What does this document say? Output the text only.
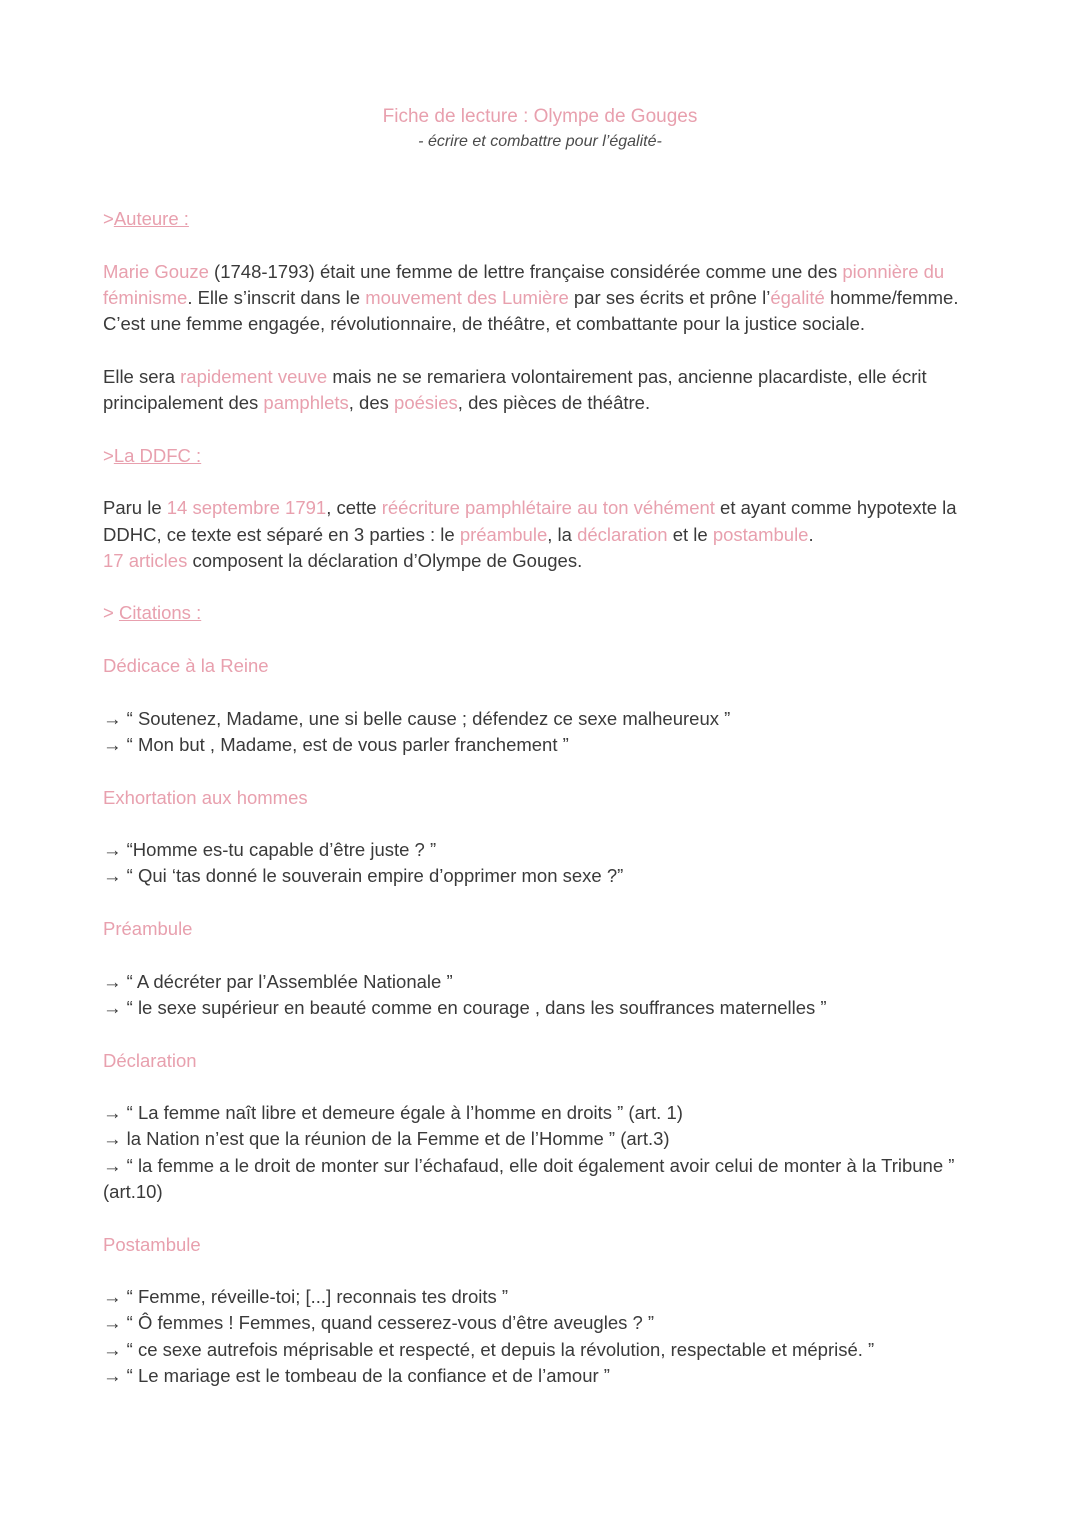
Fiche de lecture : Olympe de Gouges
- écrire et combattre pour l’égalité-
>Auteure :

Marie Gouze (1748-1793) était une femme de lettre française considérée comme une des pionnière du féminisme. Elle s’inscrit dans le mouvement des Lumière par ses écrits et prône l’égalité homme/femme. C’est une femme engagée, révolutionnaire, de théâtre, et combattante pour la justice sociale.

Elle sera rapidement veuve mais ne se remariera volontairement pas, ancienne placardiste, elle écrit principalement des pamphlets, des poésies, des pièces de théâtre.

>La DDFC :

Paru le 14 septembre 1791, cette réécriture pamphlétaire au ton véhément et ayant comme hypotexte la DDHC, ce texte est séparé en 3 parties : le préambule, la déclaration et le postambule.

17 articles composent la déclaration d’Olympe de Gouges.

> Citations :
Dédicace à la Reine
→ “ Soutenez, Madame, une si belle cause ; défendez ce sexe malheureux ”
→ “ Mon but , Madame, est de vous parler franchement ”
Exhortation aux hommes
→ “Homme es-tu capable d’être juste ? ”
→ “ Qui ‘tas donné le souverain empire d’opprimer mon sexe ?”
Préambule
→ “ A décréter par l’Assemblée Nationale ”
→ “ le sexe supérieur en beauté comme en courage , dans les souffrances maternelles ”
Déclaration
→ “ La femme naît libre et demeure égale à l’homme en droits ” (art. 1)
→ la Nation n’est que la réunion de la Femme et de l’Homme ” (art.3)
→ “ la femme a le droit de monter sur l’échafaud, elle doit également avoir celui de monter à la Tribune ” (art.10)
Postambule
→ “ Femme, réveille-toi; [...] reconnais tes droits ”
→ “ Ô femmes ! Femmes, quand cesserez-vous d’être aveugles ? ”
→ “ ce sexe autrefois méprisable et respecté, et depuis la révolution, respectable et méprisé. ”
→ “ Le mariage est le tombeau de la confiance et de l’amour ”
